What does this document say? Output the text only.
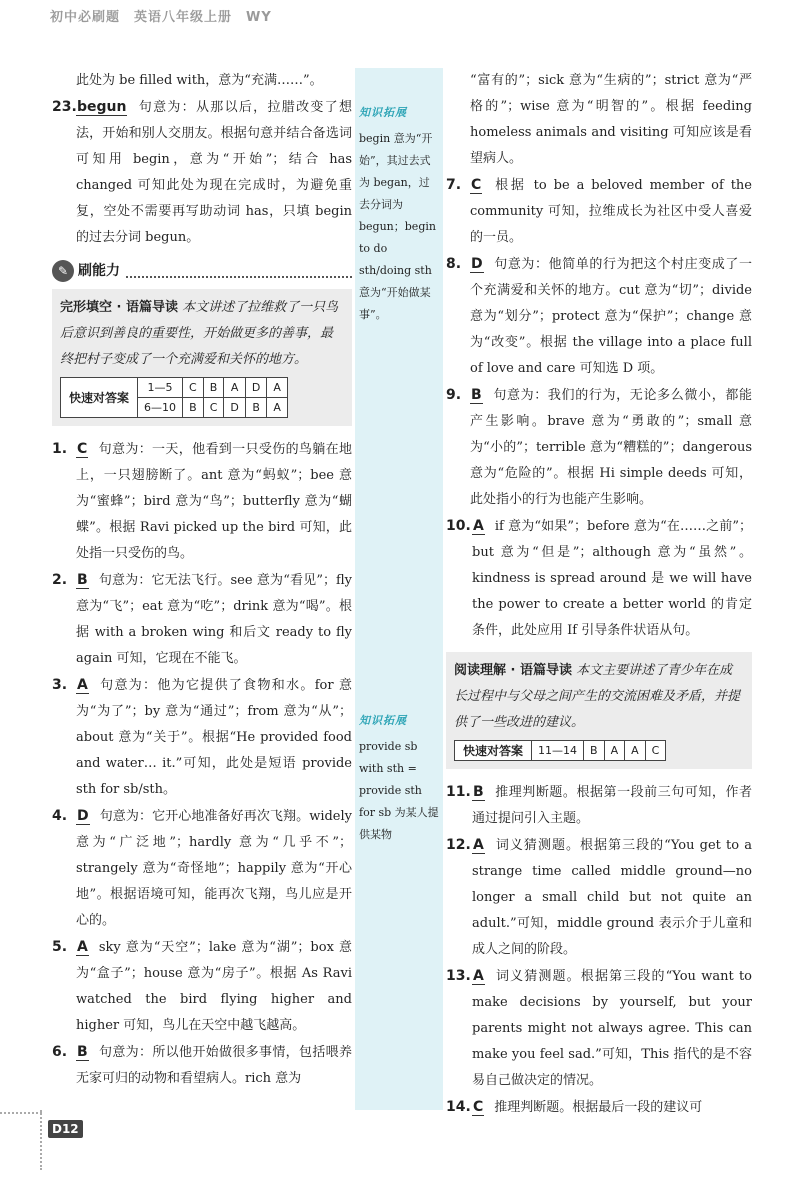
初中必刷题　英语八年级上册　WY
此处为 be filled with，意为“充满……”。
23. begun 句意为：从那以后，拉腊改变了想法，开始和别人交朋友。根据句意并结合备选词可知用 begin，意为“开始”；结合 has changed 可知此处为现在完成时，为避免重复，空处不需要再写助动词 has，只填 begin 的过去分词 begun。
✎ 刷能力
完形填空 · 语篇导读 本文讲述了拉维救了一只鸟后意识到善良的重要性，开始做更多的善事，最终把村子变成了一个充满爱和关怀的地方。
快速对答案	1—5	C	B	A	D	A
	6—10	B	C	D	B	A
1. C 句意为：一天，他看到一只受伤的鸟躺在地上，一只翅膀断了。ant 意为“蚂蚁”；bee 意为“蜜蜂”；bird 意为“鸟”；butterfly 意为“蝴蝶”。根据 Ravi picked up the bird 可知，此处指一只受伤的鸟。
2. B 句意为：它无法飞行。see 意为“看见”；fly 意为“飞”；eat 意为“吃”；drink 意为“喝”。根据 with a broken wing 和后文 ready to fly again 可知，它现在不能飞。
3. A 句意为：他为它提供了食物和水。for 意为“为了”；by 意为“通过”；from 意为“从”；about 意为“关于”。根据“He provided food and water… it.”可知，此处是短语 provide sth for sb/sth。
4. D 句意为：它开心地准备好再次飞翔。widely 意为“广泛地”；hardly 意为“几乎不”；strangely 意为“奇怪地”；happily 意为“开心地”。根据语境可知，能再次飞翔，鸟儿应是开心的。
5. A sky 意为“天空”；lake 意为“湖”；box 意为“盒子”；house 意为“房子”。根据 As Ravi watched the bird flying higher and higher 可知，鸟儿在天空中越飞越高。
6. B 句意为：所以他开始做很多事情，包括喂养无家可归的动物和看望病人。rich 意为
知识拓展
begin 意为“开始”，其过去式为 began，过去分词为 begun；begin to do sth/doing sth 意为“开始做某事”。
知识拓展
provide sb with sth = provide sth for sb 为某人提供某物
“富有的”；sick 意为“生病的”；strict 意为“严格的”；wise 意为“明智的”。根据 feeding homeless animals and visiting 可知应该是看望病人。
7. C 根据 to be a beloved member of the community 可知，拉维成长为社区中受人喜爱的一员。
8. D 句意为：他简单的行为把这个村庄变成了一个充满爱和关怀的地方。cut 意为“切”；divide 意为“划分”；protect 意为“保护”；change 意为“改变”。根据 the village into a place full of love and care 可知选 D 项。
9. B 句意为：我们的行为，无论多么微小，都能产生影响。brave 意为“勇敢的”；small 意为“小的”；terrible 意为“糟糕的”；dangerous 意为“危险的”。根据 Hi simple deeds 可知，此处指小的行为也能产生影响。
10. A if 意为“如果”；before 意为“在……之前”；but 意为“但是”；although 意为“虽然”。kindness is spread around 是 we will have the power to create a better world 的肯定条件，此处应用 If 引导条件状语从句。
阅读理解 · 语篇导读 本文主要讲述了青少年在成长过程中与父母之间产生的交流困难及矛盾，并提供了一些改进的建议。
快速对答案	11—14	B	A	A	C
11. B 推理判断题。根据第一段前三句可知，作者通过提问引入主题。
12. A 词义猜测题。根据第三段的“You get to a strange time called middle ground—no longer a small child but not quite an adult.”可知，middle ground 表示介于儿童和成人之间的阶段。
13. A 词义猜测题。根据第三段的“You want to make decisions by yourself, but your parents might not always agree. This can make you feel sad.”可知，This 指代的是不容易自己做决定的情况。
14. C 推理判断题。根据最后一段的建议可
D12
